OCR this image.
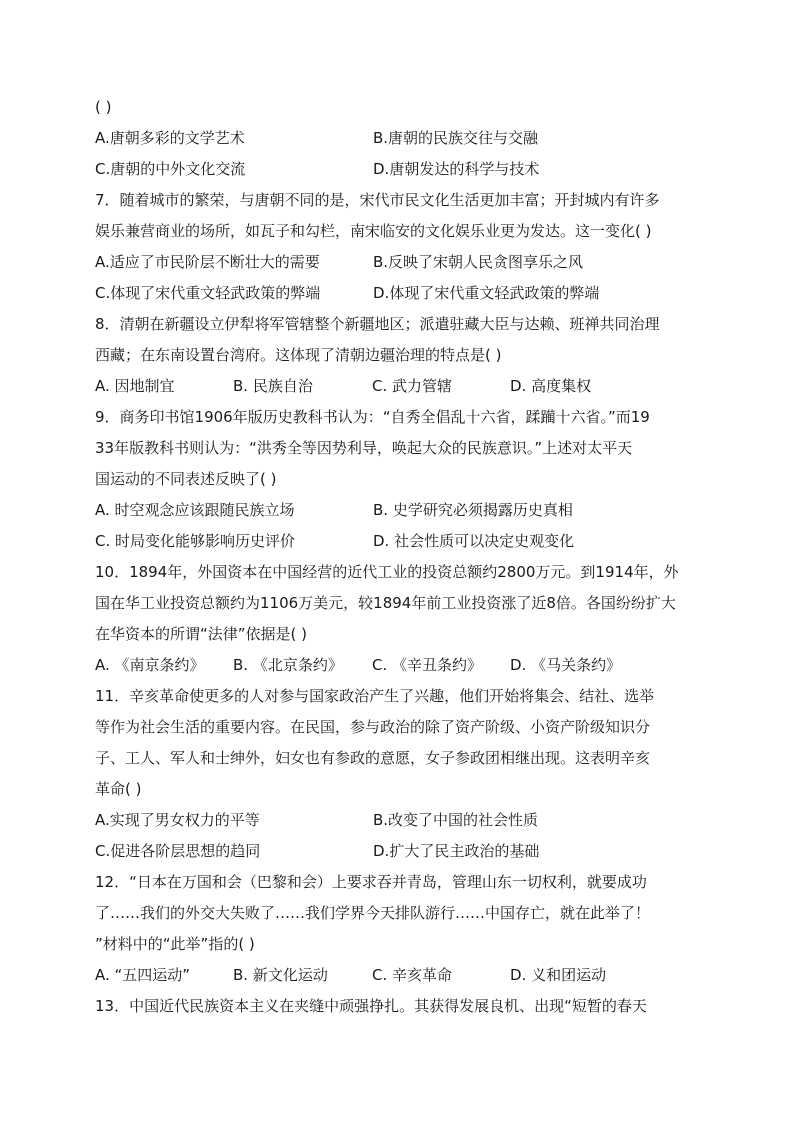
( )
A.唐朝多彩的文学艺术	B.唐朝的民族交往与交融
C.唐朝的中外文化交流	D.唐朝发达的科学与技术
7．随着城市的繁荣，与唐朝不同的是，宋代市民文化生活更加丰富；开封城内有许多
娱乐兼营商业的场所，如瓦子和勾栏，南宋临安的文化娱乐业更为发达。这一变化( )
A.适应了市民阶层不断壮大的需要	B.反映了宋朝人民贪图享乐之风
C.体现了宋代重文轻武政策的弊端	D.体现了宋代重文轻武政策的弊端
8．清朝在新疆设立伊犁将军管辖整个新疆地区；派遣驻藏大臣与达赖、班禅共同治理
西藏；在东南设置台湾府。这体现了清朝边疆治理的特点是( )
A. 因地制宜	B. 民族自治	C. 武力管辖	D. 高度集权
9．商务印书馆1906年版历史教科书认为：“自秀全倡乱十六省，蹂躏十六省。”而19
33年版教科书则认为：“洪秀全等因势利导，唤起大众的民族意识。”上述对太平天
国运动的不同表述反映了( )
A. 时空观念应该跟随民族立场	B. 史学研究必须揭露历史真相
C. 时局变化能够影响历史评价	D. 社会性质可以决定史观变化
10．1894年，外国资本在中国经营的近代工业的投资总额约2800万元。到1914年，外
国在华工业投资总额约为1106万美元，较1894年前工业投资涨了近8倍。各国纷纷扩大
在华资本的所谓“法律”依据是( )
A. 《南京条约》 B. 《北京条约》 C. 《辛丑条约》 D. 《马关条约》
11．辛亥革命使更多的人对参与国家政治产生了兴趣，他们开始将集会、结社、选举
等作为社会生活的重要内容。在民国，参与政治的除了资产阶级、小资产阶级知识分
子、工人、军人和士绅外，妇女也有参政的意愿，女子参政团相继出现。这表明辛亥
革命( )
A.实现了男女权力的平等	B.改变了中国的社会性质
C.促进各阶层思想的趋同	D.扩大了民主政治的基础
12．“日本在万国和会（巴黎和会）上要求吞并青岛，管理山东一切权利，就要成功
了……我们的外交大失败了……我们学界今天排队游行……中国存亡，就在此举了！
”材料中的“此举”指的( )
A. “五四运动”	B. 新文化运动	C. 辛亥革命	D. 义和团运动
13．中国近代民族资本主义在夹缝中顽强挣扎。其获得发展良机、出现“短暂的春天
